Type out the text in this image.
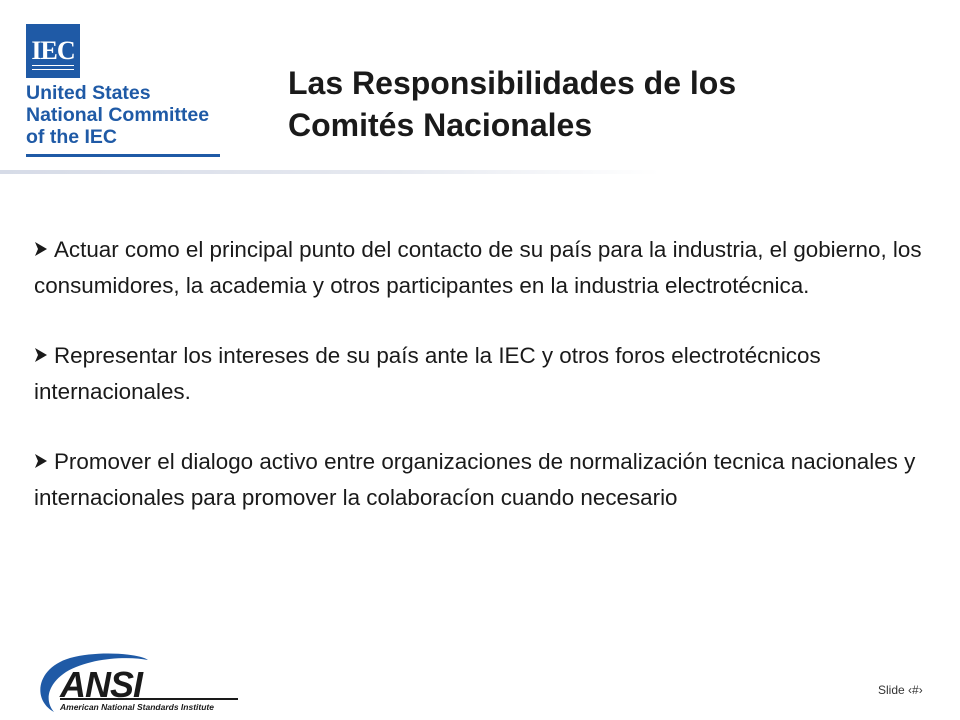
IEC
United States
National Committee
of the IEC
Las Responsibilidades de los
Comités Nacionales
Actuar como el principal punto del contacto de su país para la industria, el gobierno, los consumidores, la academia y otros participantes en la industria electrotécnica.
Representar los intereses de su país ante la IEC y otros foros electrotécnicos internacionales.
Promover el dialogo activo entre organizaciones de normalización tecnica nacionales y internacionales para promover la colaboracíon cuando necesario
ANSI
American National Standards Institute
Slide ‹#›
